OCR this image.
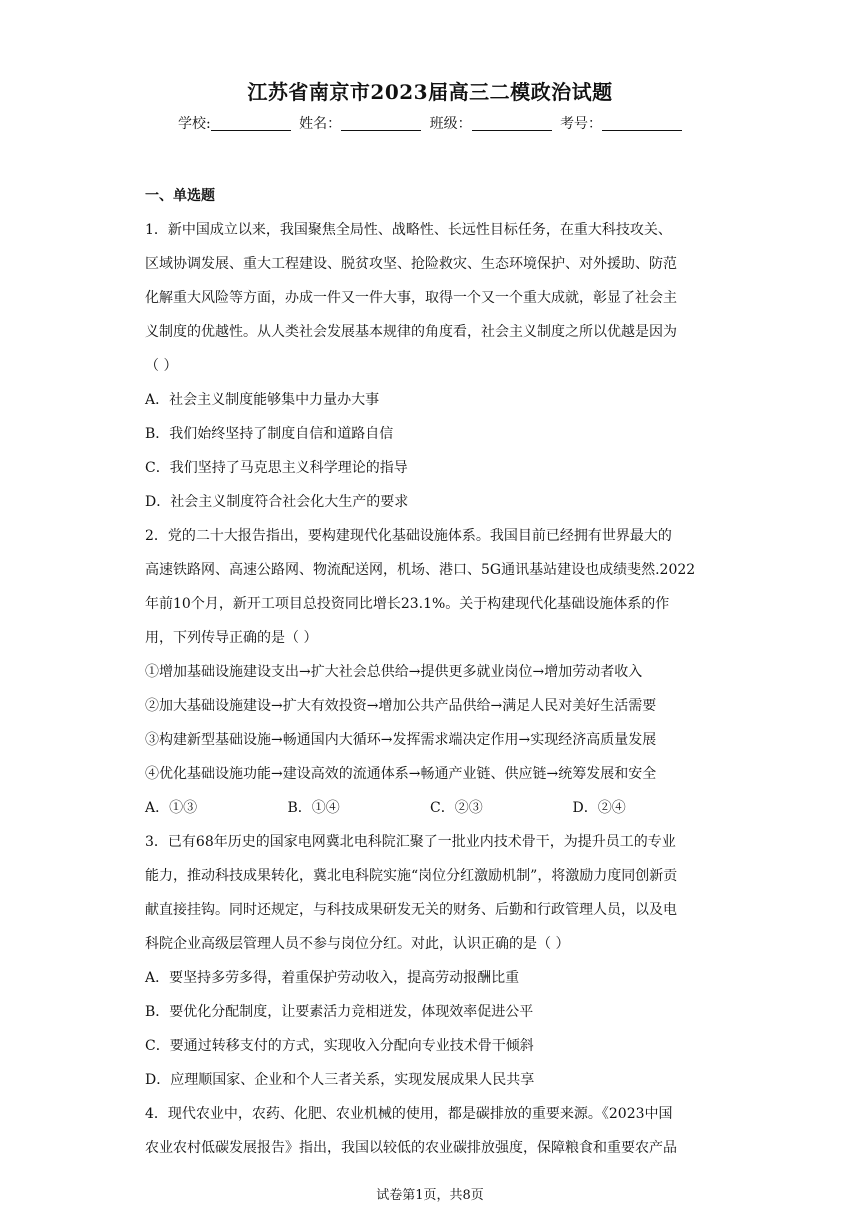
江苏省南京市2023届高三二模政治试题
学校:	姓名：	班级：	考号：

一、单选题

1．新中国成立以来，我国聚焦全局性、战略性、长远性目标任务，在重大科技攻关、

区域协调发展、重大工程建设、脱贫攻坚、抢险救灾、生态环境保护、对外援助、防范

化解重大风险等方面，办成一件又一件大事，取得一个又一个重大成就，彰显了社会主

义制度的优越性。从人类社会发展基本规律的角度看，社会主义制度之所以优越是因为

（ ）

A．社会主义制度能够集中力量办大事

B．我们始终坚持了制度自信和道路自信

C．我们坚持了马克思主义科学理论的指导

D．社会主义制度符合社会化大生产的要求

2．党的二十大报告指出，要构建现代化基础设施体系。我国目前已经拥有世界最大的

高速铁路网、高速公路网、物流配送网，机场、港口、5G通讯基站建设也成绩斐然.2022

年前10个月，新开工项目总投资同比增长23.1%。关于构建现代化基础设施体系的作

用，下列传导正确的是（ ）

①增加基础设施建设支出→扩大社会总供给→提供更多就业岗位→增加劳动者收入

②加大基础设施建设→扩大有效投资→增加公共产品供给→满足人民对美好生活需要

③构建新型基础设施→畅通国内大循环→发挥需求端决定作用→实现经济高质量发展

④优化基础设施功能→建设高效的流通体系→畅通产业链、供应链→统筹发展和安全

A．①③	B．①④	C．②③	D．②④

3．已有68年历史的国家电网冀北电科院汇聚了一批业内技术骨干，为提升员工的专业

能力，推动科技成果转化，冀北电科院实施“岗位分红激励机制”，将激励力度同创新贡

献直接挂钩。同时还规定，与科技成果研发无关的财务、后勤和行政管理人员，以及电

科院企业高级层管理人员不参与岗位分红。对此，认识正确的是（ ）

A．要坚持多劳多得，着重保护劳动收入，提高劳动报酬比重

B．要优化分配制度，让要素活力竞相迸发，体现效率促进公平

C．要通过转移支付的方式，实现收入分配向专业技术骨干倾斜

D．应理顺国家、企业和个人三者关系，实现发展成果人民共享

4．现代农业中，农药、化肥、农业机械的使用，都是碳排放的重要来源。《2023中国

农业农村低碳发展报告》指出，我国以较低的农业碳排放强度，保障粮食和重要农产品

试卷第1页，共8页
